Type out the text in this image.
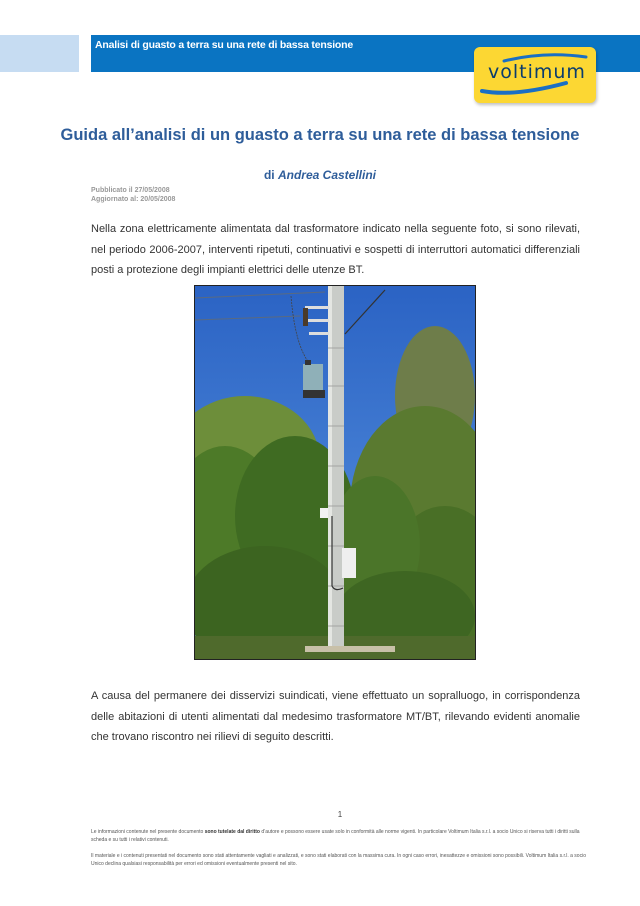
Analisi di guasto a terra su una rete di bassa tensione
voltimum
Guida all’analisi di un guasto a terra su una rete di bassa tensione
di Andrea Castellini
Pubblicato il 27/05/2008
Aggiornato al: 20/05/2008
Nella zona elettricamente alimentata dal trasformatore indicato nella seguente foto, si sono rilevati, nel periodo 2006-2007, interventi ripetuti, continuativi e sospetti di interruttori automatici differenziali posti a protezione degli impianti elettrici delle utenze BT.
A causa del permanere dei disservizi suindicati, viene effettuato un sopralluogo, in corrispondenza delle abitazioni di utenti alimentati dal medesimo trasformatore MT/BT, rilevando evidenti anomalie che trovano riscontro nei rilievi di seguito descritti.
1
Le informazioni contenute nel presente documento sono tutelate dal diritto d’autore e possono essere usate solo in conformità alle norme vigenti. In particolare Voltimum Italia s.r.l. a socio Unico si riserva tutti i diritti sulla scheda e su tutti i relativi contenuti.
Il materiale e i contenuti presentati nel documento sono stati attentamente vagliati e analizzati, e sono stati elaborati con la massima cura. In ogni caso errori, inesattezze e omissioni sono possibili. Voltimum Italia s.r.l. a socio Unico declina qualsiasi responsabilità per errori ed omissioni eventualmente presenti nel sito.
